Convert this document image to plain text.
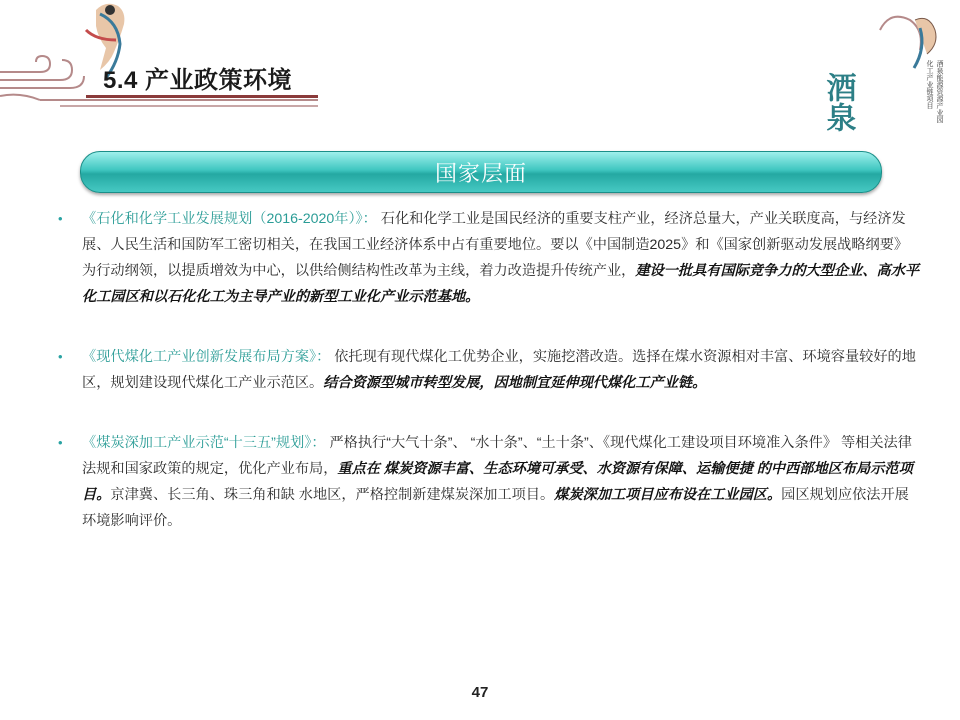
酒泉	化工产业链项目 酒泉能源资源产业园
5.4 产业政策环境
国家层面
• 《石化和化学工业发展规划（2016-2020年）》： 石化和化学工业是国民经济的重要支柱产业，经济总量大，产业关联度高，与经济发展、人民生活和国防军工密切相关，在我国工业经济体系中占有重要地位。要以《中国制造2025》和《国家创新驱动发展战略纲要》为行动纲领，以提质增效为中心，以供给侧结构性改革为主线，着力改造提升传统产业，建设一批具有国际竞争力的大型企业、高水平化工园区和以石化化工为主导产业的新型工业化产业示范基地。
• 《现代煤化工产业创新发展布局方案》： 依托现有现代煤化工优势企业，实施挖潜改造。选择在煤水资源相对丰富、环境容量较好的地区，规划建设现代煤化工产业示范区。结合资源型城市转型发展，因地制宜延伸现代煤化工产业链。
• 《煤炭深加工产业示范“十三五”规划》： 严格执行“大气十条”、 “水十条”、“土十条”、《现代煤化工建设项目环境准入条件》 等相关法律法规和国家政策的规定，优化产业布局，重点在 煤炭资源丰富、生态环境可承受、水资源有保障、运输便捷 的中西部地区布局示范项目。京津冀、长三角、珠三角和缺 水地区，严格控制新建煤炭深加工项目。煤炭深加工项目应布设在工业园区。园区规划应依法开展环境影响评价。
47
